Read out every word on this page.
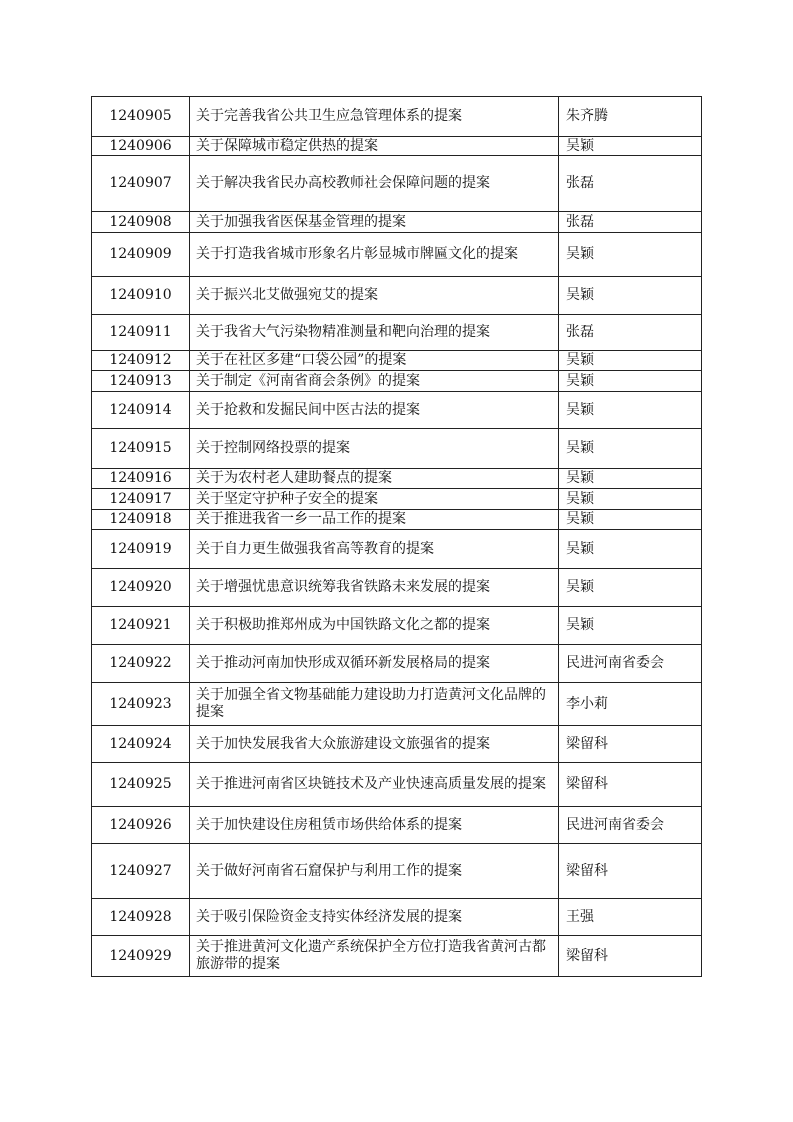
1240905	关于完善我省公共卫生应急管理体系的提案	朱齐腾
1240906	关于保障城市稳定供热的提案	吴颖
1240907	关于解决我省民办高校教师社会保障问题的提案	张磊
1240908	关于加强我省医保基金管理的提案	张磊
1240909	关于打造我省城市形象名片彰显城市牌匾文化的提案	吴颖
1240910	关于振兴北艾做强宛艾的提案	吴颖
1240911	关于我省大气污染物精准测量和靶向治理的提案	张磊
1240912	关于在社区多建“口袋公园”的提案	吴颖
1240913	关于制定《河南省商会条例》的提案	吴颖
1240914	关于抢救和发掘民间中医古法的提案	吴颖
1240915	关于控制网络投票的提案	吴颖
1240916	关于为农村老人建助餐点的提案	吴颖
1240917	关于坚定守护种子安全的提案	吴颖
1240918	关于推进我省一乡一品工作的提案	吴颖
1240919	关于自力更生做强我省高等教育的提案	吴颖
1240920	关于增强忧患意识统筹我省铁路未来发展的提案	吴颖
1240921	关于积极助推郑州成为中国铁路文化之都的提案	吴颖
1240922	关于推动河南加快形成双循环新发展格局的提案	民进河南省委会
1240923	关于加强全省文物基础能力建设助力打造黄河文化品牌的提案	李小莉
1240924	关于加快发展我省大众旅游建设文旅强省的提案	梁留科
1240925	关于推进河南省区块链技术及产业快速高质量发展的提案	梁留科
1240926	关于加快建设住房租赁市场供给体系的提案	民进河南省委会
1240927	关于做好河南省石窟保护与利用工作的提案	梁留科
1240928	关于吸引保险资金支持实体经济发展的提案	王强
1240929	关于推进黄河文化遗产系统保护全方位打造我省黄河古都旅游带的提案	梁留科
